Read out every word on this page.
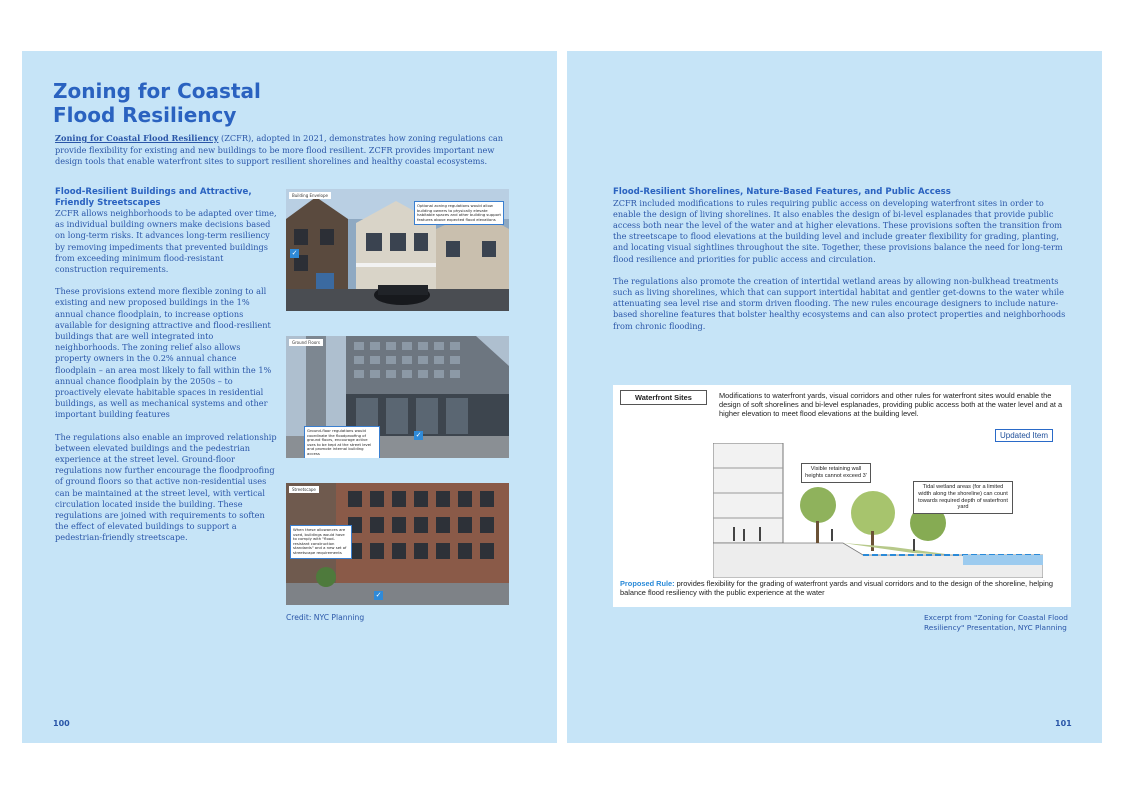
Zoning for Coastal
Flood Resiliency

Zoning for Coastal Flood Resiliency (ZCFR), adopted in 2021, demonstrates how zoning regulations can provide flexibility for existing and new buildings to be more flood resilient. ZCFR provides important new design tools that enable waterfront sites to support resilient shorelines and healthy coastal ecosystems.

Flood-Resilient Buildings and Attractive, Friendly Streetscapes

ZCFR allows neighborhoods to be adapted over time, as individual building owners make decisions based on long-term risks. It advances long-term resiliency by removing impediments that prevented buildings from exceeding minimum flood-resistant construction requirements.

These provisions extend more flexible zoning to all existing and new proposed buildings in the 1% annual chance floodplain, to increase options available for designing attractive and flood-resilient buildings that are well integrated into neighborhoods. The zoning relief also allows property owners in the 0.2% annual chance floodplain – an area most likely to fall within the 1% annual chance floodplain by the 2050s – to proactively elevate habitable spaces in residential buildings, as well as mechanical systems and other important building features

The regulations also enable an improved relationship between elevated buildings and the pedestrian experience at the street level. Ground-floor regulations now further encourage the floodproofing of ground floors so that active non-residential uses can be maintained at the street level, with vertical circulation located inside the building. These regulations are joined with requirements to soften the effect of elevated buildings to support a pedestrian-friendly streetscape.

Building Envelope
Optional zoning regulations would allow building owners to physically elevate habitable spaces and other building support features above expected flood elevations
✓
Ground Floors
Ground-floor regulations would coordinate the floodproofing of ground floors, encourage active uses to be kept at the street level and promote internal building access
✓
Streetscape
When these allowances are used, buildings would have to comply with "flood-resistant construction standards" and a new set of streetscape requirements
✓
Credit: NYC Planning
100
Flood-Resilient Shorelines, Nature-Based Features, and Public Access

ZCFR included modifications to rules requiring public access on developing waterfront sites in order to enable the design of living shorelines. It also enables the design of bi-level esplanades that provide public access both near the level of the water and at higher elevations. These provisions soften the transition from the streetscape to flood elevations at the building level and include greater flexibility for grading, planting, and locating visual sightlines throughout the site. Together, these provisions balance the need for long-term flood resilience and priorities for public access and circulation.

The regulations also promote the creation of intertidal wetland areas by allowing non-bulkhead treatments such as living shorelines, which that can support intertidal habitat and gentler get-downs to the water while attenuating sea level rise and storm driven flooding. The new rules encourage designers to include nature-based shoreline features that bolster healthy ecosystems and can also protect properties and neighborhoods from chronic flooding.

Waterfront Sites	Modifications to waterfront yards, visual corridors and other rules for waterfront sites would enable the design of soft shorelines and bi-level esplanades, providing public access both at the water level and at a higher elevation to meet flood elevations at the building level.
Updated Item
Visible retaining wall heights cannot exceed 3'
Tidal wetland areas (for a limited width along the shoreline) can count towards required depth of waterfront yard
Proposed Rule: provides flexibility for the grading of waterfront yards and visual corridors and to the design of the shoreline, helping balance flood resiliency with the public experience at the water
Excerpt from "Zoning for Coastal Flood Resiliency" Presentation, NYC Planning
101
